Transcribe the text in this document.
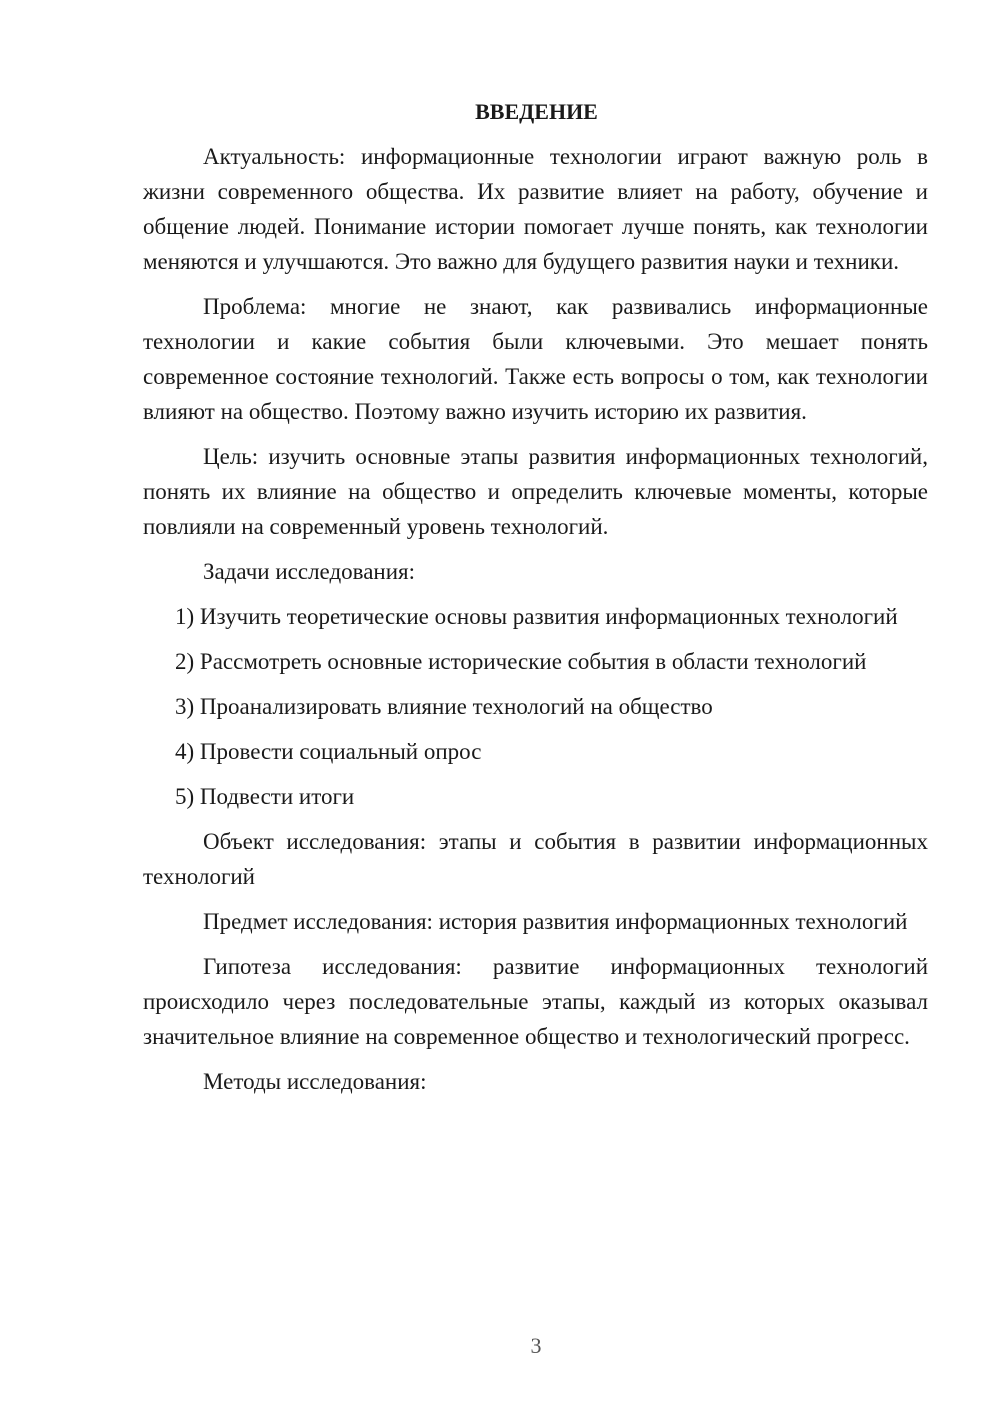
ВВЕДЕНИЕ

Актуальность: информационные технологии играют важную роль в жизни современного общества. Их развитие влияет на работу, обучение и общение людей. Понимание истории помогает лучше понять, как технологии меняются и улучшаются. Это важно для будущего развития науки и техники.

Проблема: многие не знают, как развивались информационные технологии и какие события были ключевыми. Это мешает понять современное состояние технологий. Также есть вопросы о том, как технологии влияют на общество. Поэтому важно изучить историю их развития.

Цель: изучить основные этапы развития информационных технологий, понять их влияние на общество и определить ключевые моменты, которые повлияли на современный уровень технологий.

Задачи исследования:

1) Изучить теоретические основы развития информационных технологий

2) Рассмотреть основные исторические события в области технологий

3) Проанализировать влияние технологий на общество

4) Провести социальный опрос

5) Подвести итоги

Объект исследования: этапы и события в развитии информационных технологий

Предмет исследования: история развития информационных технологий

Гипотеза исследования: развитие информационных технологий происходило через последовательные этапы, каждый из которых оказывал значительное влияние на современное общество и технологический прогресс.

Методы исследования:

3
